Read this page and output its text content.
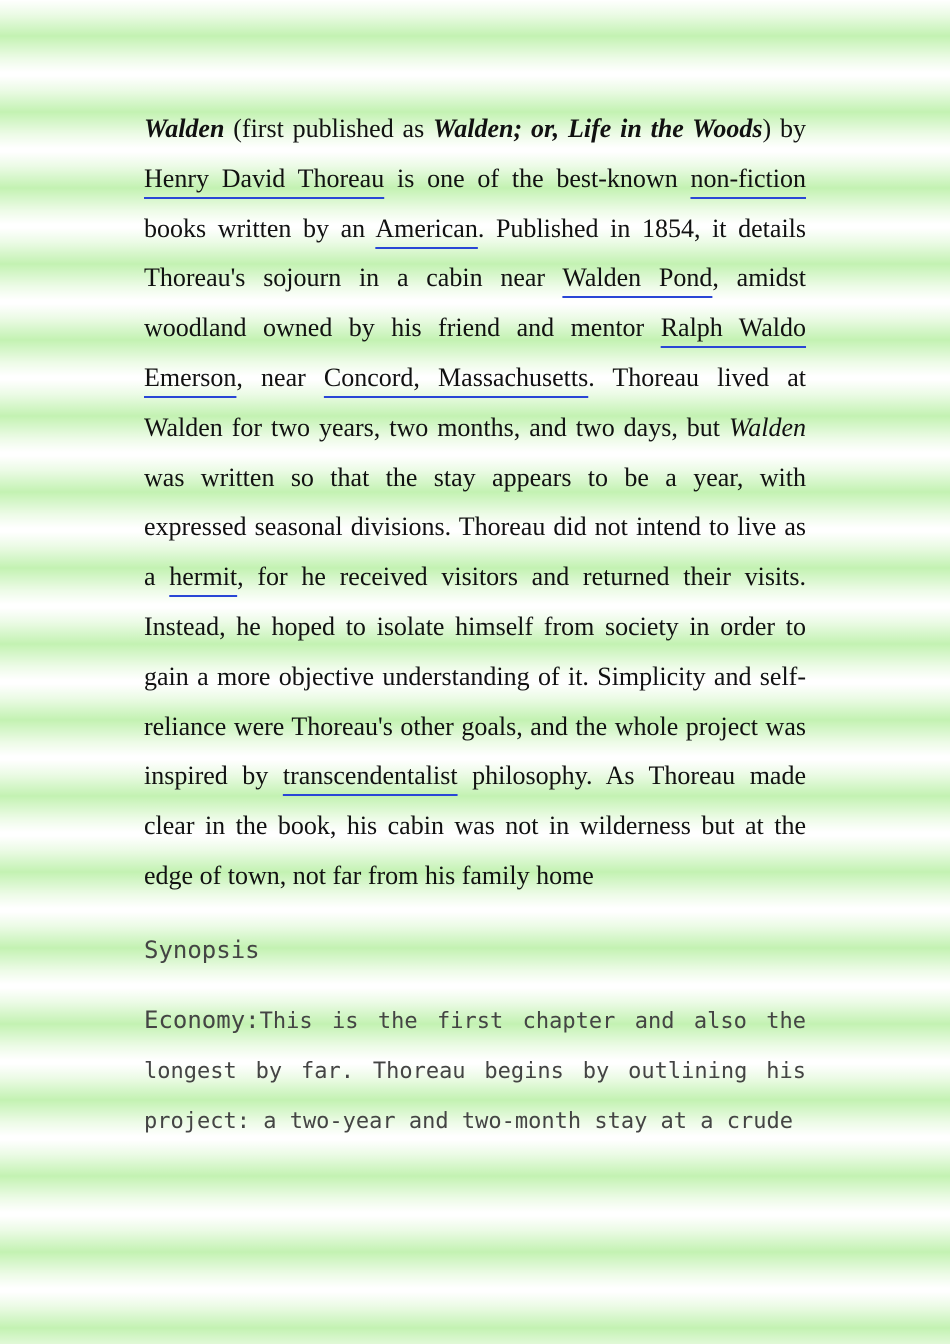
Walden (first published as Walden; or, Life in the Woods) by Henry David Thoreau is one of the best-known non-fiction books written by an American. Published in 1854, it details Thoreau's sojourn in a cabin near Walden Pond, amidst woodland owned by his friend and mentor Ralph Waldo Emerson, near Concord, Massachusetts. Thoreau lived at Walden for two years, two months, and two days, but Walden was written so that the stay appears to be a year, with expressed seasonal divisions. Thoreau did not intend to live as a hermit, for he received visitors and returned their visits. Instead, he hoped to isolate himself from society in order to gain a more objective understanding of it. Simplicity and self-reliance were Thoreau's other goals, and the whole project was inspired by transcendentalist philosophy. As Thoreau made clear in the book, his cabin was not in wilderness but at the edge of town, not far from his family home

Synopsis

Economy:This is the first chapter and also the longest by far. Thoreau begins by outlining his project: a two-year and two-month stay at a crude
